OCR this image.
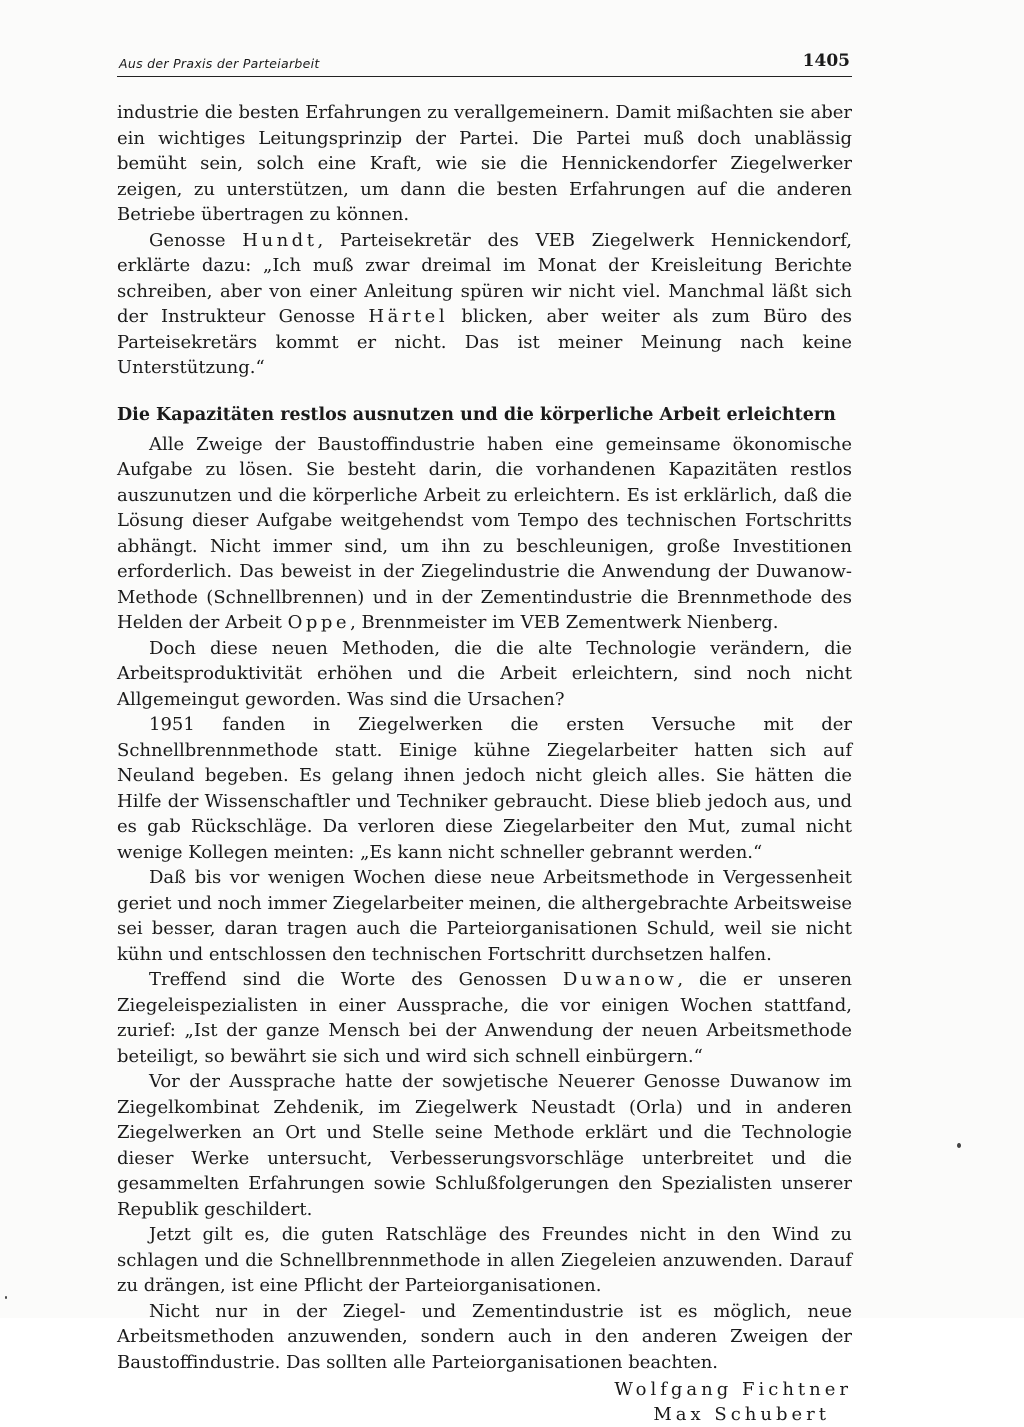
Aus der Praxis der Parteiarbeit	1405

industrie die besten Erfahrungen zu verallgemeinern. Damit mißachten sie aber ein wichtiges Leitungsprinzip der Partei. Die Partei muß doch unablässig bemüht sein, solch eine Kraft, wie sie die Hennickendorfer Ziegelwerker zeigen, zu unterstützen, um dann die besten Erfahrungen auf die anderen Betriebe übertragen zu können.

Genosse Hundt, Parteisekretär des VEB Ziegelwerk Hennickendorf, erklärte dazu: „Ich muß zwar dreimal im Monat der Kreisleitung Berichte schreiben, aber von einer Anleitung spüren wir nicht viel. Manchmal läßt sich der Instrukteur Genosse Härtel blicken, aber weiter als zum Büro des Parteisekretärs kommt er nicht. Das ist meiner Meinung nach keine Unterstützung.“

Die Kapazitäten restlos ausnutzen und die körperliche Arbeit erleichtern

Alle Zweige der Baustoffindustrie haben eine gemeinsame ökonomische Aufgabe zu lösen. Sie besteht darin, die vorhandenen Kapazitäten restlos auszunutzen und die körperliche Arbeit zu erleichtern. Es ist erklärlich, daß die Lösung dieser Aufgabe weitgehendst vom Tempo des technischen Fortschritts abhängt. Nicht immer sind, um ihn zu beschleunigen, große Investitionen erforderlich. Das beweist in der Ziegelindustrie die Anwendung der Duwanow-Methode (Schnellbrennen) und in der Zementindustrie die Brennmethode des Helden der Arbeit Oppe, Brennmeister im VEB Zementwerk Nienberg.

Doch diese neuen Methoden, die die alte Technologie verändern, die Arbeitsproduktivität erhöhen und die Arbeit erleichtern, sind noch nicht Allgemeingut geworden. Was sind die Ursachen?

1951 fanden in Ziegelwerken die ersten Versuche mit der Schnellbrennmethode statt. Einige kühne Ziegelarbeiter hatten sich auf Neuland begeben. Es gelang ihnen jedoch nicht gleich alles. Sie hätten die Hilfe der Wissenschaftler und Techniker gebraucht. Diese blieb jedoch aus, und es gab Rückschläge. Da verloren diese Ziegelarbeiter den Mut, zumal nicht wenige Kollegen meinten: „Es kann nicht schneller gebrannt werden.“

Daß bis vor wenigen Wochen diese neue Arbeitsmethode in Vergessenheit geriet und noch immer Ziegelarbeiter meinen, die althergebrachte Arbeitsweise sei besser, daran tragen auch die Parteiorganisationen Schuld, weil sie nicht kühn und entschlossen den technischen Fortschritt durchsetzen halfen.

Treffend sind die Worte des Genossen Duwanow, die er unseren Ziegeleispezialisten in einer Aussprache, die vor einigen Wochen stattfand, zurief: „Ist der ganze Mensch bei der Anwendung der neuen Arbeitsmethode beteiligt, so bewährt sie sich und wird sich schnell einbürgern.“

Vor der Aussprache hatte der sowjetische Neuerer Genosse Duwanow im Ziegelkombinat Zehdenik, im Ziegelwerk Neustadt (Orla) und in anderen Ziegelwerken an Ort und Stelle seine Methode erklärt und die Technologie dieser Werke untersucht, Verbesserungsvorschläge unterbreitet und die gesammelten Erfahrungen sowie Schlußfolgerungen den Spezialisten unserer Republik geschildert.

Jetzt gilt es, die guten Ratschläge des Freundes nicht in den Wind zu schlagen und die Schnellbrennmethode in allen Ziegeleien anzuwenden. Darauf zu drängen, ist eine Pflicht der Parteiorganisationen.

Nicht nur in der Ziegel- und Zementindustrie ist es möglich, neue Arbeitsmethoden anzuwenden, sondern auch in den anderen Zweigen der Baustoffindustrie. Das sollten alle Parteiorganisationen beachten.

Wolfgang Fichtner
Max Schubert
